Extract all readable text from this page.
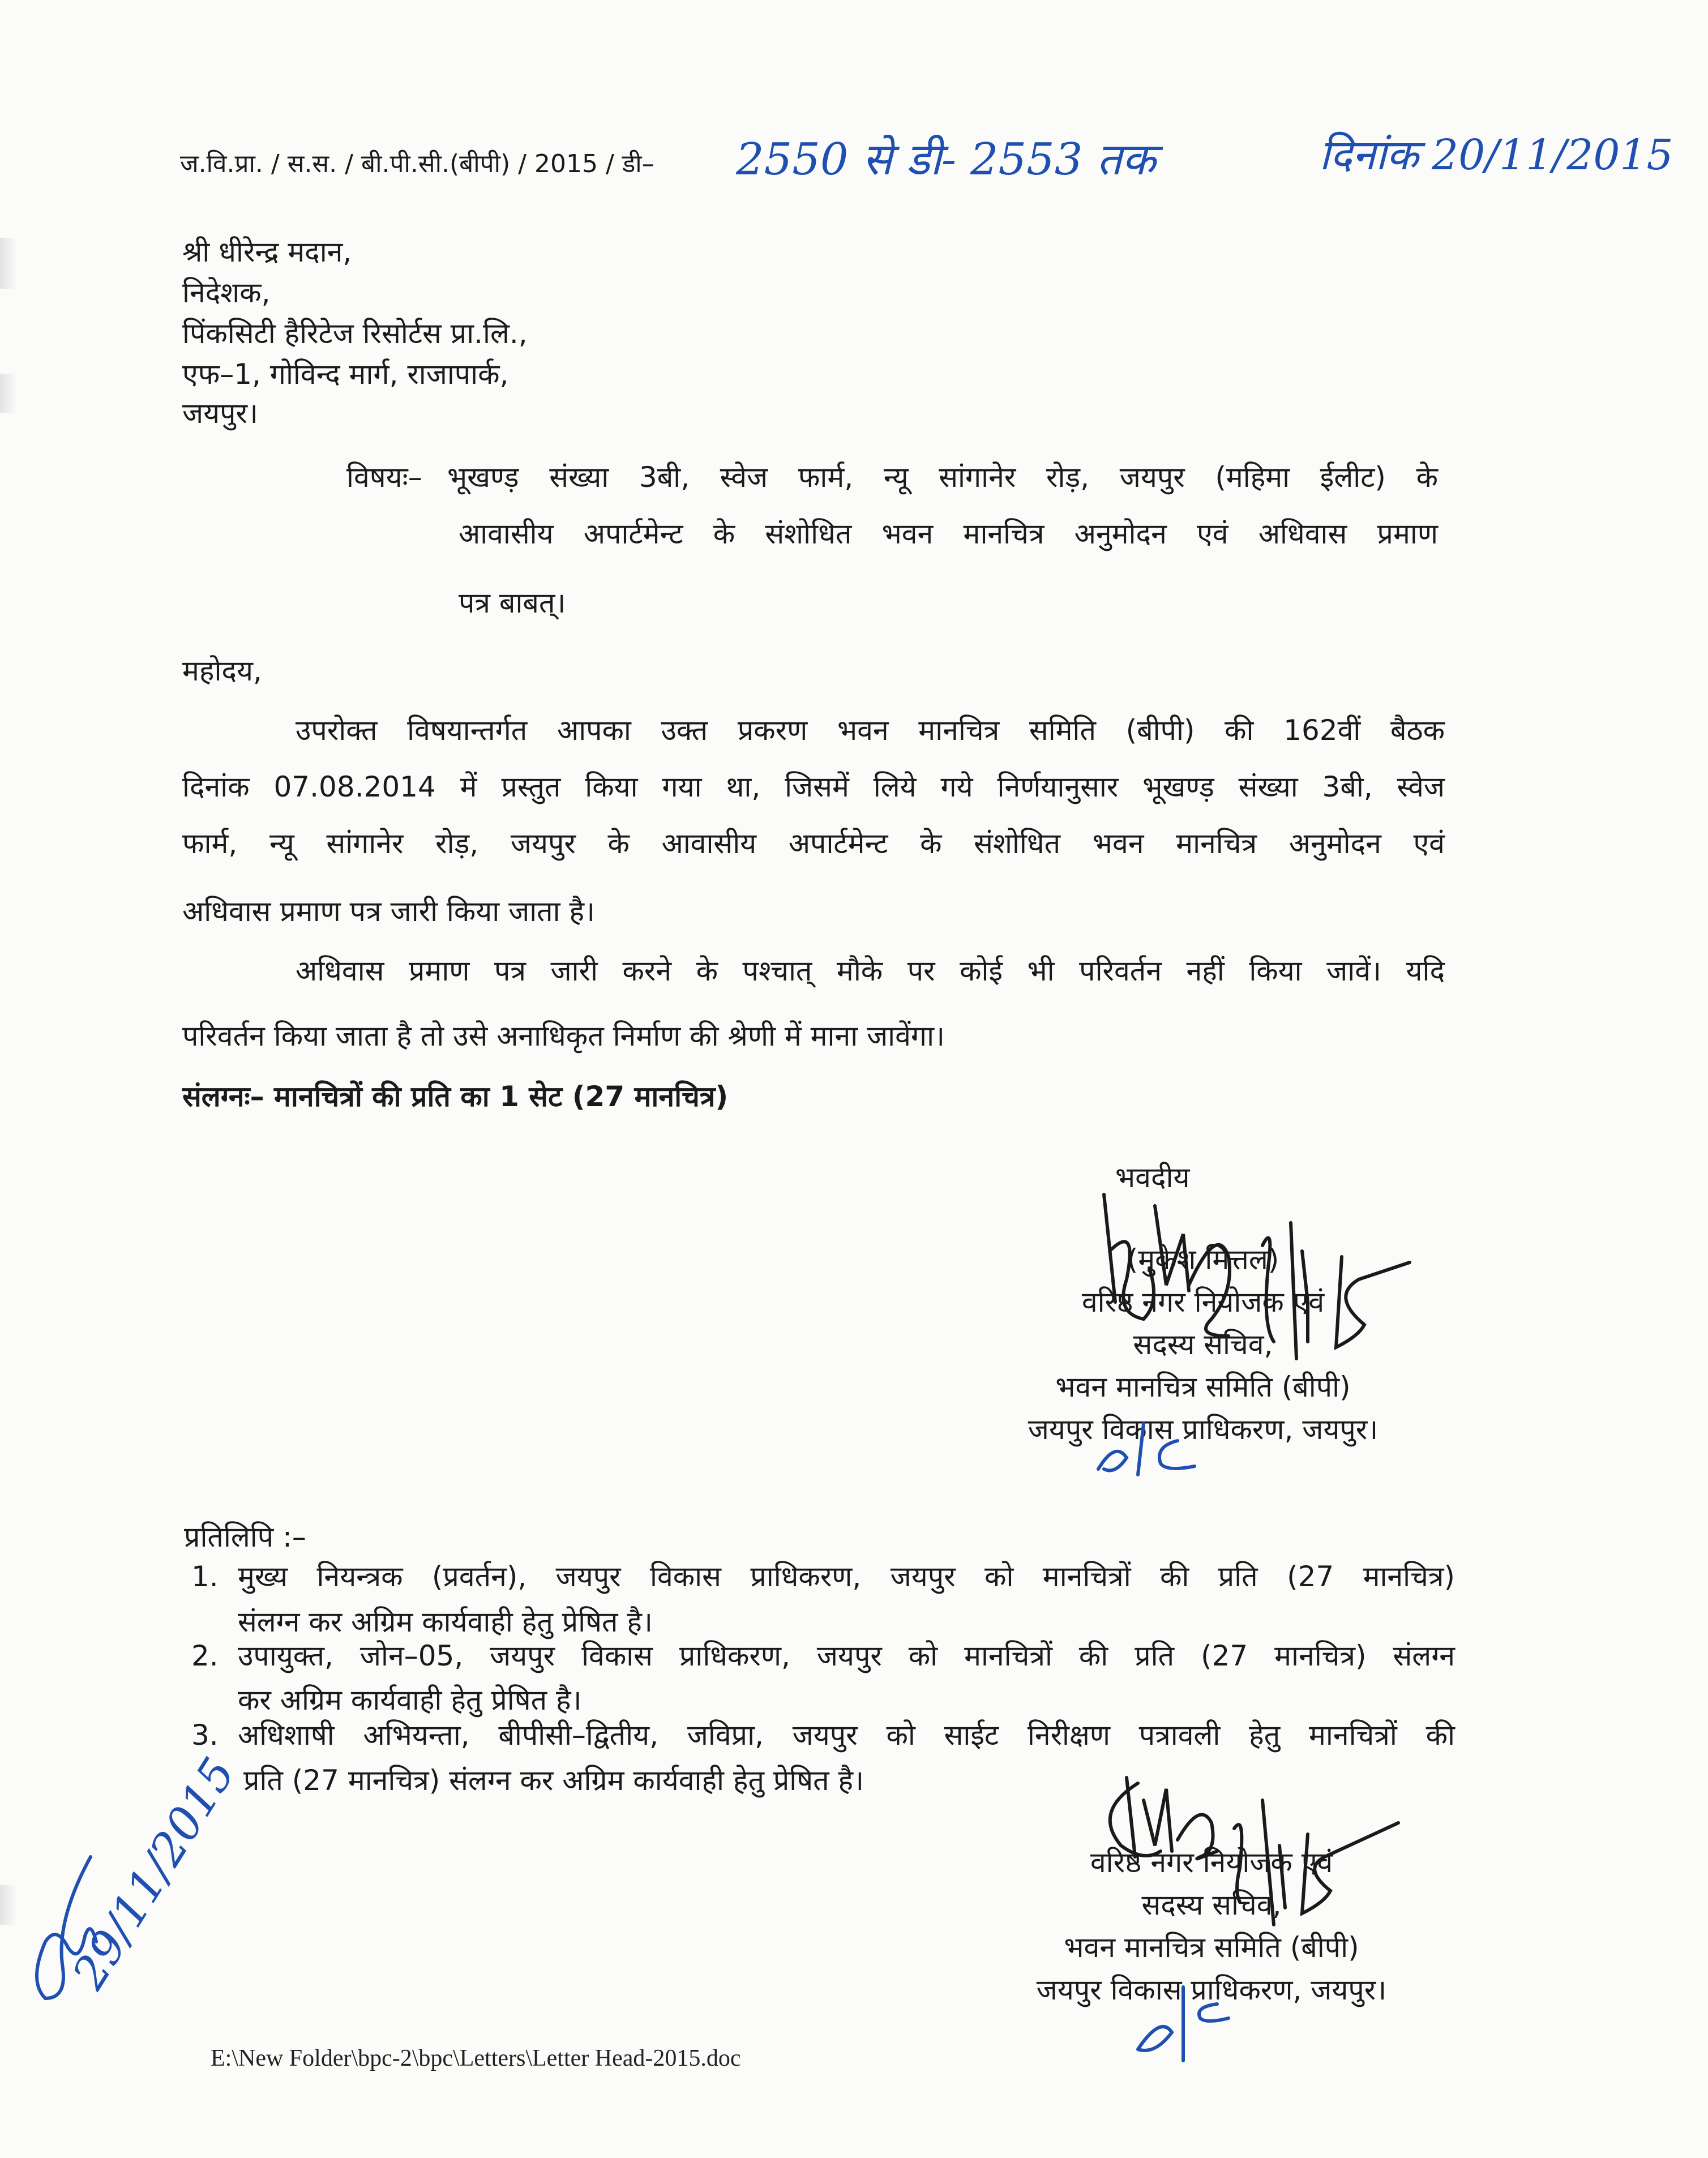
ज.वि.प्रा. / स.स. / बी.पी.सी.(बीपी) / 2015 / डी– 2550 से डी- 2553 तक	दिनांक 20/11/2015
श्री धीरेन्द्र मदान,
निदेशक,
पिंकसिटी हैरिटेज रिसोर्टस प्रा.लि.,
एफ–1, गोविन्द मार्ग, राजापार्क,
जयपुर।
विषयः– भूखण्ड़ संख्या 3बी, स्वेज फार्म, न्यू सांगानेर रोड़, जयपुर (महिमा ईलीट) के
आवासीय अपार्टमेन्ट के संशोधित भवन मानचित्र अनुमोदन एवं अधिवास प्रमाण
पत्र बाबत्।
महोदय,
उपरोक्त विषयान्तर्गत आपका उक्त प्रकरण भवन मानचित्र समिति (बीपी) की 162वीं बैठक
दिनांक 07.08.2014 में प्रस्तुत किया गया था, जिसमें लिये गये निर्णयानुसार भूखण्ड़ संख्या 3बी, स्वेज
फार्म, न्यू सांगानेर रोड़, जयपुर के आवासीय अपार्टमेन्ट के संशोधित भवन मानचित्र अनुमोदन एवं
अधिवास प्रमाण पत्र जारी किया जाता है।
अधिवास प्रमाण पत्र जारी करने के पश्चात् मौके पर कोई भी परिवर्तन नहीं किया जावें। यदि
परिवर्तन किया जाता है तो उसे अनाधिकृत निर्माण की श्रेणी में माना जावेंगा।
संलग्नः– मानचित्रों की प्रति का 1 सेट (27 मानचित्र)
भवदीय
(मुकेश मित्तल)
वरिष्ठ नगर नियोजक एवं
सदस्य सचिव,
भवन मानचित्र समिति (बीपी)
जयपुर विकास प्राधिकरण, जयपुर।
प्रतिलिपि :–
1. मुख्य नियन्त्रक (प्रवर्तन), जयपुर विकास प्राधिकरण, जयपुर को मानचित्रों की प्रति (27 मानचित्र)
संलग्न कर अग्रिम कार्यवाही हेतु प्रेषित है।
2. उपायुक्त, जोन–05, जयपुर विकास प्राधिकरण, जयपुर को मानचित्रों की प्रति (27 मानचित्र) संलग्न
कर अग्रिम कार्यवाही हेतु प्रेषित है।
3. अधिशाषी अभियन्ता, बीपीसी–द्वितीय, जविप्रा, जयपुर को साईट निरीक्षण पत्रावली हेतु मानचित्रों की
प्रति (27 मानचित्र) संलग्न कर अग्रिम कार्यवाही हेतु प्रेषित है।
वरिष्ठ नगर नियोजक एवं
सदस्य सचिव,
भवन मानचित्र समिति (बीपी)
जयपुर विकास प्राधिकरण, जयपुर।
29/11/2015
E:\New Folder\bpc-2\bpc\Letters\Letter Head-2015.doc
